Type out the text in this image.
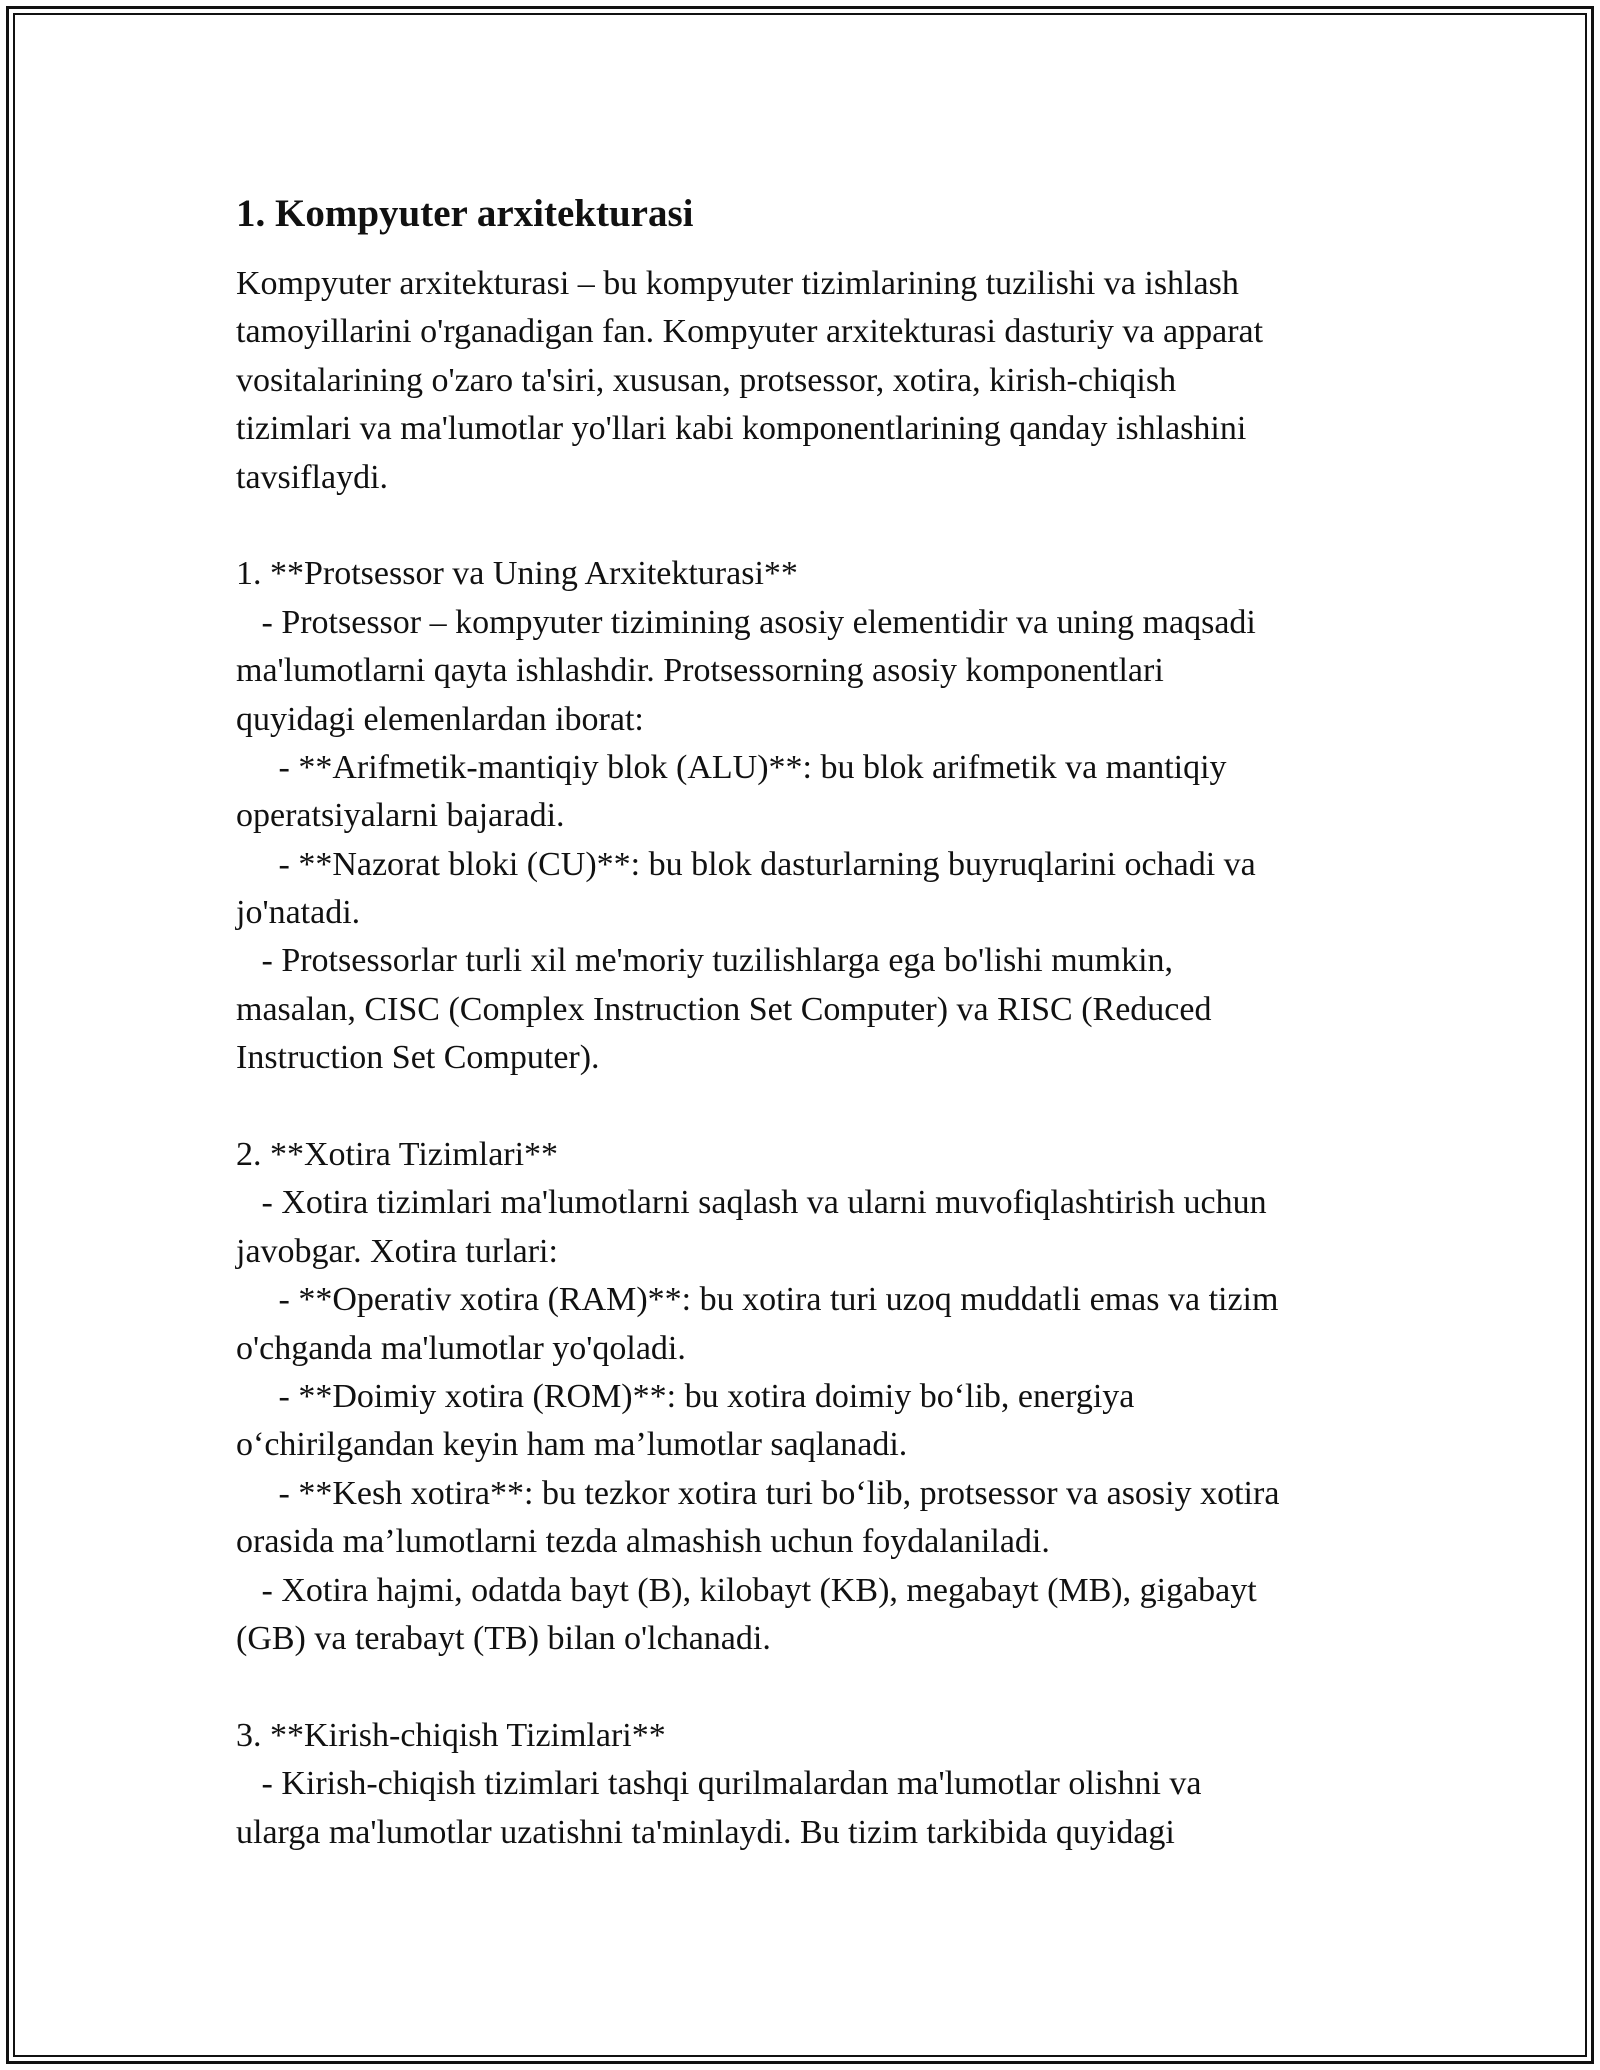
1. Kompyuter arxitekturasi
Kompyuter arxitekturasi – bu kompyuter tizimlarining tuzilishi va ishlash
tamoyillarini o'rganadigan fan. Kompyuter arxitekturasi dasturiy va apparat
vositalarining o'zaro ta'siri, xususan, protsessor, xotira, kirish-chiqish
tizimlari va ma'lumotlar yo'llari kabi komponentlarining qanday ishlashini
tavsiflaydi.
1. **Protsessor va Uning Arxitekturasi**
- Protsessor – kompyuter tizimining asosiy elementidir va uning maqsadi
ma'lumotlarni qayta ishlashdir. Protsessorning asosiy komponentlari
quyidagi elemenlardan iborat:
- **Arifmetik-mantiqiy blok (ALU)**: bu blok arifmetik va mantiqiy
operatsiyalarni bajaradi.
- **Nazorat bloki (CU)**: bu blok dasturlarning buyruqlarini ochadi va
jo'natadi.
- Protsessorlar turli xil me'moriy tuzilishlarga ega bo'lishi mumkin,
masalan, CISC (Complex Instruction Set Computer) va RISC (Reduced
Instruction Set Computer).
2. **Xotira Tizimlari**
- Xotira tizimlari ma'lumotlarni saqlash va ularni muvofiqlashtirish uchun
javobgar. Xotira turlari:
- **Operativ xotira (RAM)**: bu xotira turi uzoq muddatli emas va tizim
o'chganda ma'lumotlar yo'qoladi.
- **Doimiy xotira (ROM)**: bu xotira doimiy bo‘lib, energiya
o‘chirilgandan keyin ham ma’lumotlar saqlanadi.
- **Kesh xotira**: bu tezkor xotira turi bo‘lib, protsessor va asosiy xotira
orasida ma’lumotlarni tezda almashish uchun foydalaniladi.
- Xotira hajmi, odatda bayt (B), kilobayt (KB), megabayt (MB), gigabayt
(GB) va terabayt (TB) bilan o'lchanadi.
3. **Kirish-chiqish Tizimlari**
- Kirish-chiqish tizimlari tashqi qurilmalardan ma'lumotlar olishni va
ularga ma'lumotlar uzatishni ta'minlaydi. Bu tizim tarkibida quyidagi
